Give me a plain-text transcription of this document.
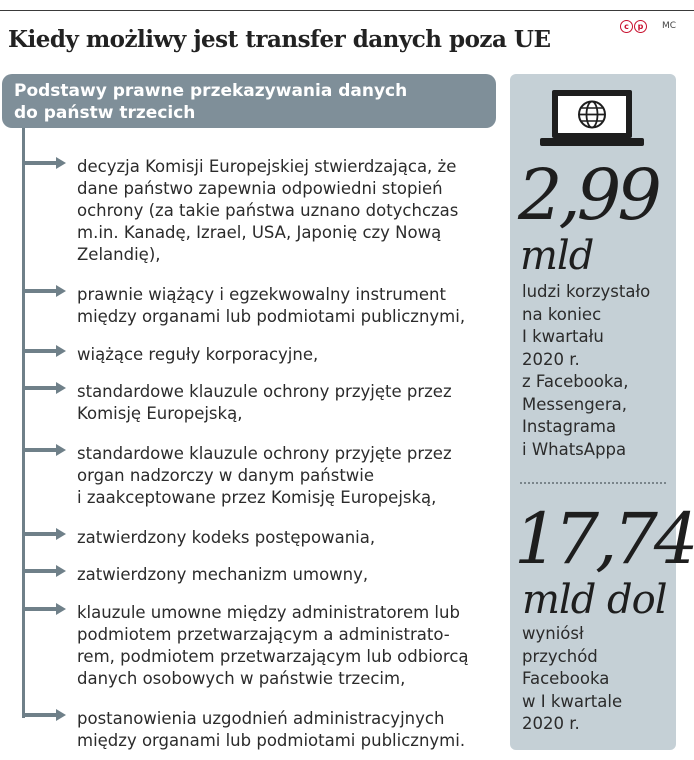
Kiedy możliwy jest transfer danych poza UE	c	p	MC
Podstawy prawne przekazywania danych
do państw trzecich
decyzja Komisji Europejskiej stwierdzająca, że
dane państwo zapewnia odpowiedni stopień
ochrony (za takie państwa uznano dotychczas
m.in. Kanadę, Izrael, USA, Japonię czy Nową
Zelandię),
prawnie wiążący i egzekwowalny instrument
między organami lub podmiotami publicznymi,
wiążące reguły korporacyjne,
standardowe klauzule ochrony przyjęte przez
Komisję Europejską,
standardowe klauzule ochrony przyjęte przez
organ nadzorczy w danym państwie
i zaakceptowane przez Komisję Europejską,
zatwierdzony kodeks postępowania,
zatwierdzony mechanizm umowny,
klauzule umowne między administratorem lub
podmiotem przetwarzającym a administrato-
rem, podmiotem przetwarzającym lub odbiorcą
danych osobowych w państwie trzecim,
postanowienia uzgodnień administracyjnych
między organami lub podmiotami publicznymi.
2,99
mld
ludzi korzystało
na koniec
I kwartału
2020 r.
z Facebooka,
Messengera,
Instagrama
i WhatsAppa
17,74
mld dol
wyniósł
przychód
Facebooka
w I kwartale
2020 r.
